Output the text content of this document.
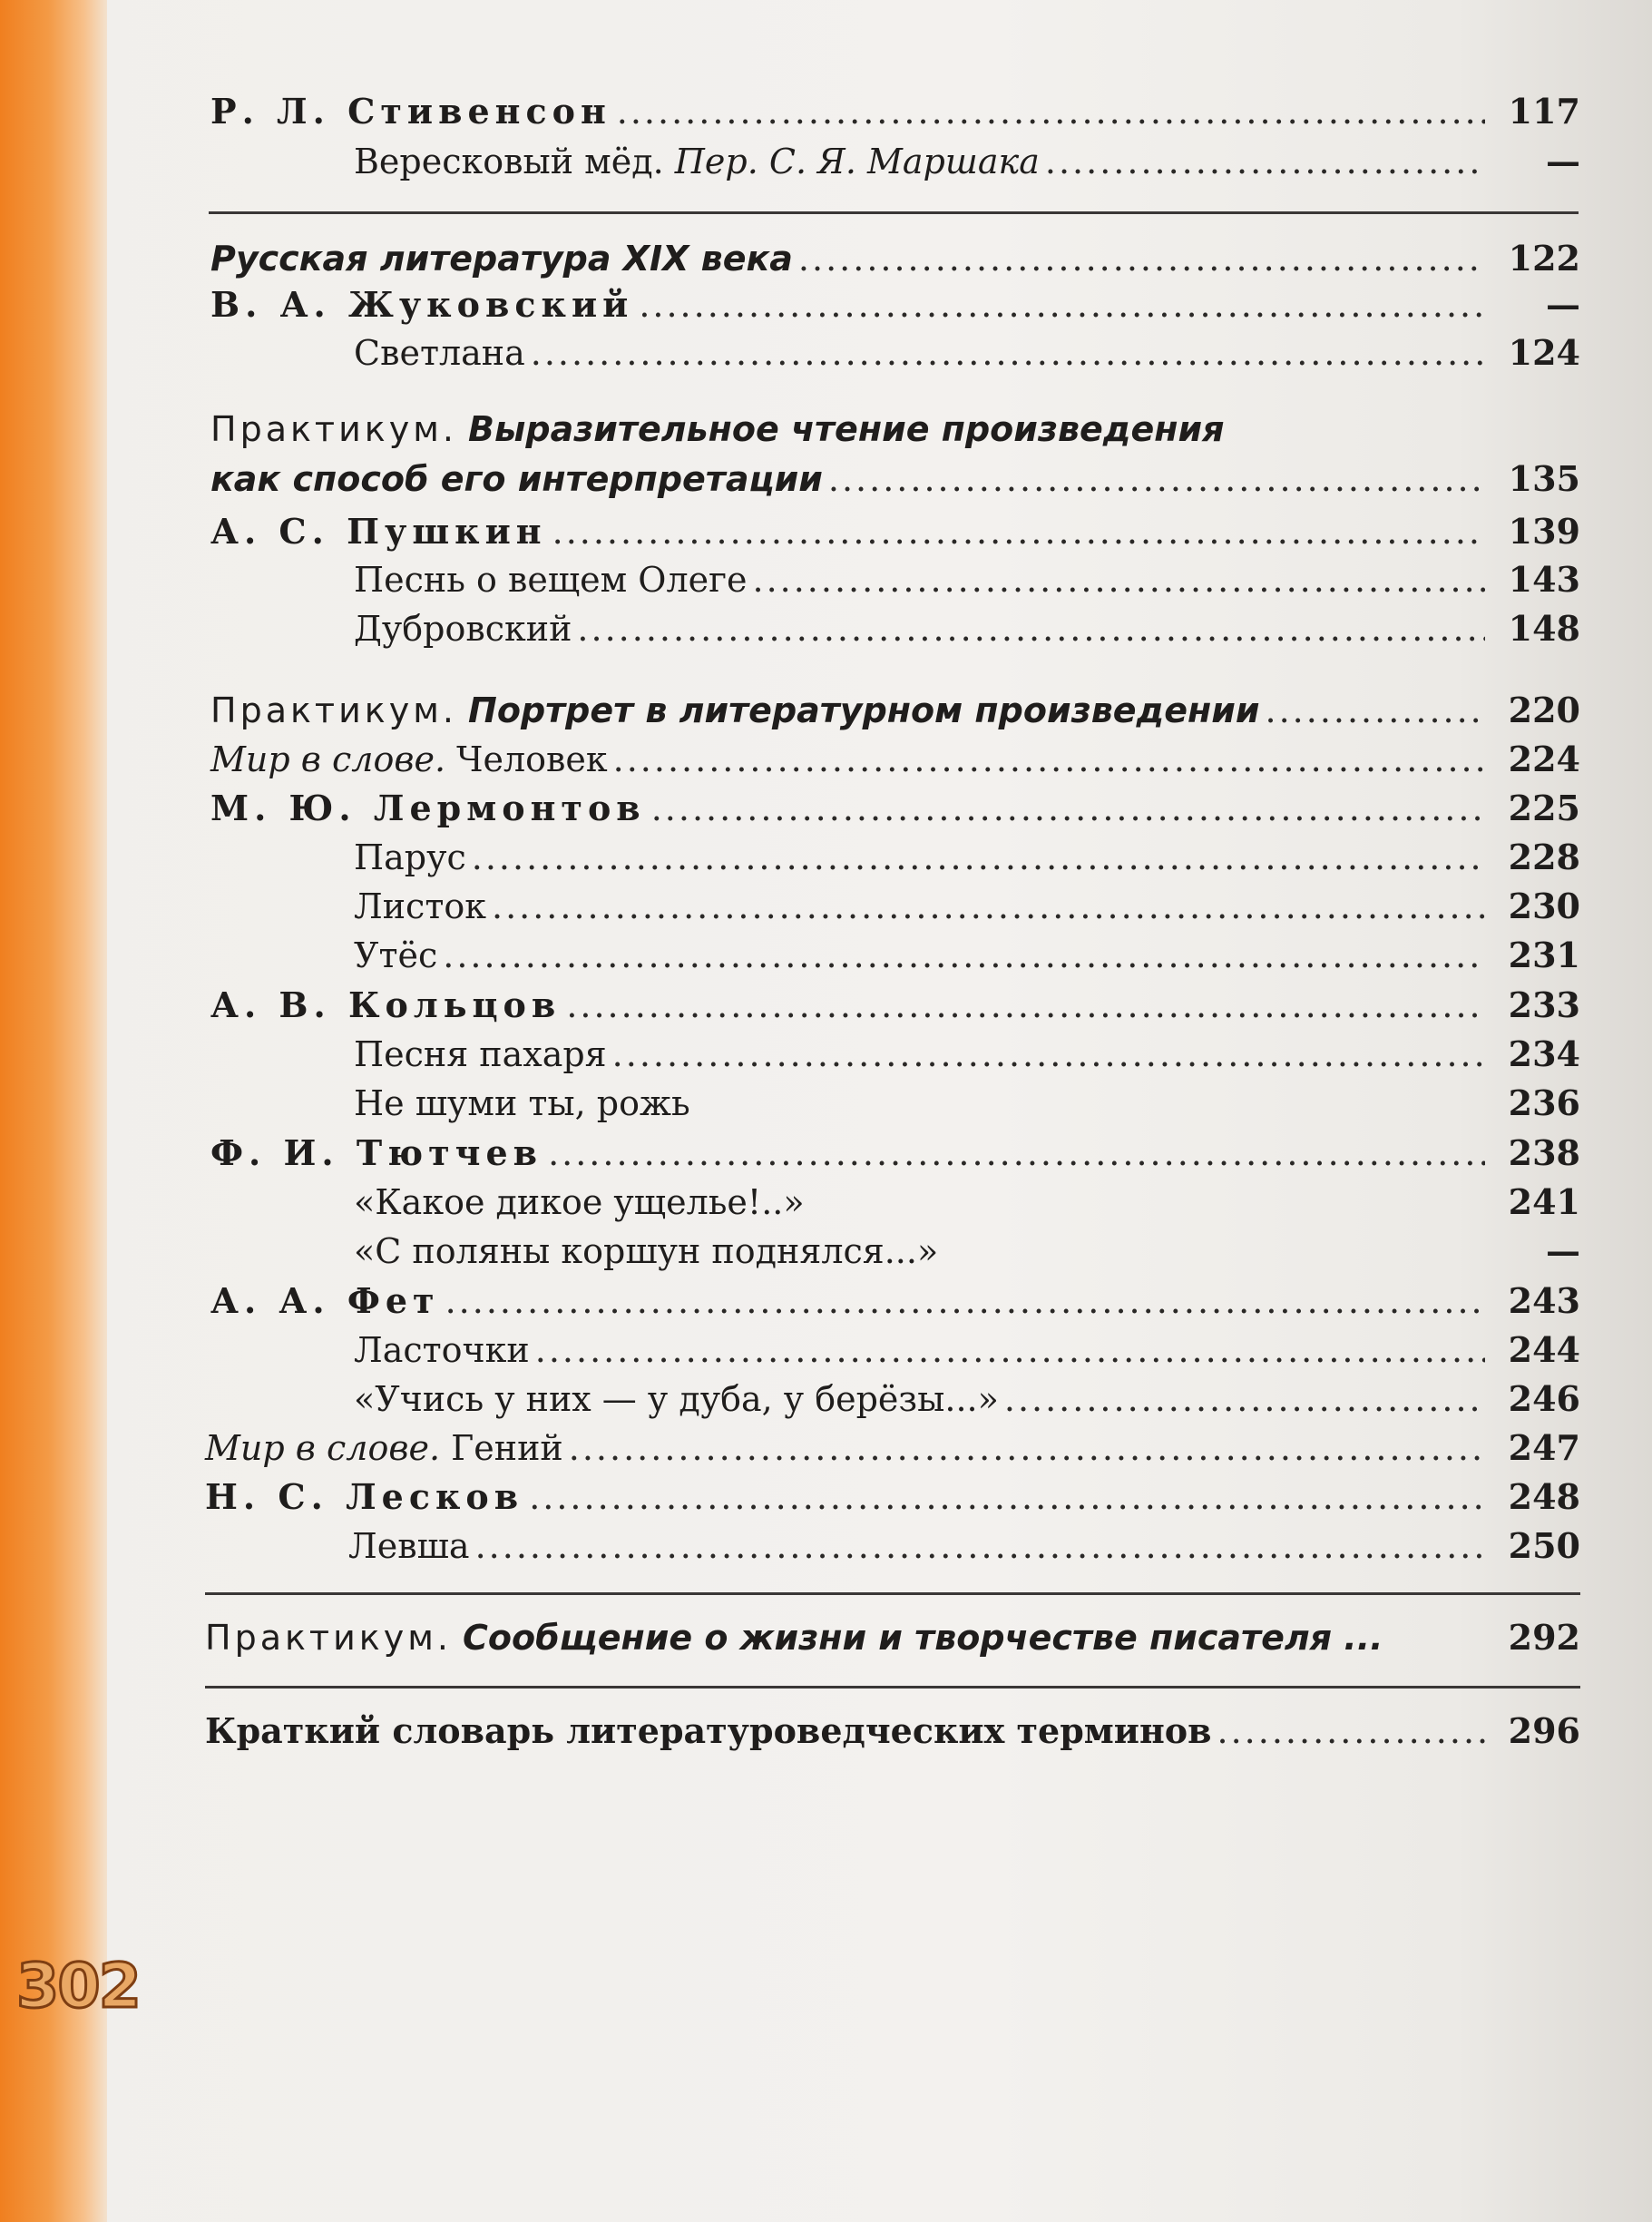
302
Р. Л. Стивенсон .....	117
Вересковый мёд. Пер. С. Я. Маршака .....	—
Русская литература XIX века .....	122
В. А. Жуковский .....	—
Светлана .....	124
Практикум. Выразительное чтение произведения
как способ его интерпретации .....	135
А. С. Пушкин .....	139
Песнь о вещем Олеге .....	143
Дубровский .....	148
Практикум. Портрет в литературном произведении .....	220
Мир в слове. Человек .....	224
М. Ю. Лермонтов .....	225
Парус .....	228
Листок .....	230
Утёс .....	231
А. В. Кольцов .....	233
Песня пахаря .....	234
Не шуми ты, рожь	236
Ф. И. Тютчев .....	238
«Какое дикое ущелье!..»	241
«С поляны коршун поднялся...»	—
А. А. Фет .....	243
Ласточки .....	244
«Учись у них — у дуба, у берёзы...» .....	246
Мир в слове. Гений .....	247
Н. С. Лесков .....	248
Левша .....	250
Практикум. Сообщение о жизни и творчестве писателя ...	292
Краткий словарь литературоведческих терминов .....	296
